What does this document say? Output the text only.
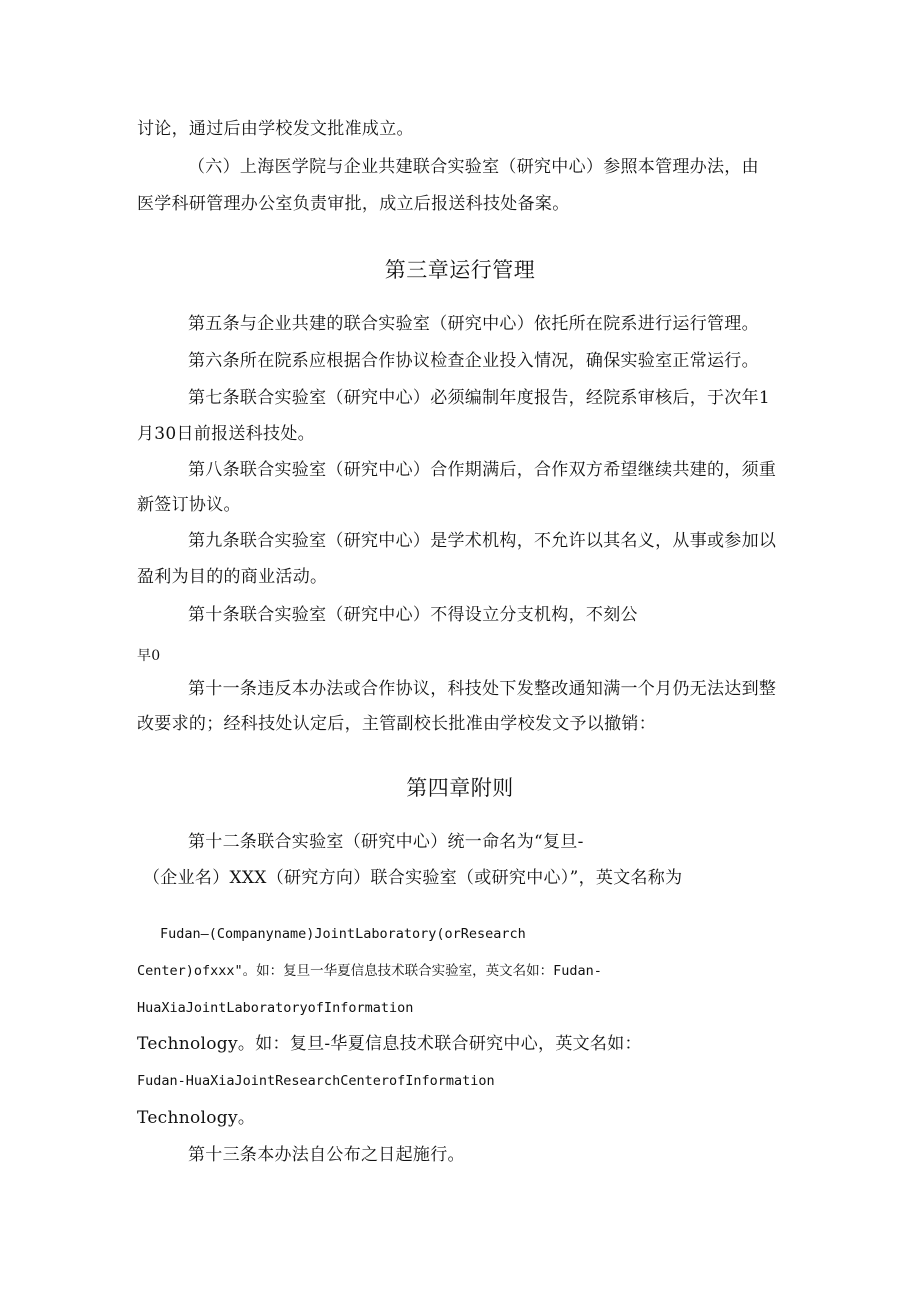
讨论，通过后由学校发文批准成立。
（六）上海医学院与企业共建联合实验室（研究中心）参照本管理办法，由
医学科研管理办公室负责审批，成立后报送科技处备案。
第三章运行管理
第五条与企业共建的联合实验室（研究中心）依托所在院系进行运行管理。
第六条所在院系应根据合作协议检查企业投入情况，确保实验室正常运行。
第七条联合实验室（研究中心）必须编制年度报告，经院系审核后，于次年1
月30日前报送科技处。
第八条联合实验室（研究中心）合作期满后，合作双方希望继续共建的，须重
新签订协议。
第九条联合实验室（研究中心）是学术机构，不允许以其名义，从事或参加以
盈利为目的的商业活动。
第十条联合实验室（研究中心）不得设立分支机构，不刻公
早0
第十一条违反本办法或合作协议，科技处下发整改通知满一个月仍无法达到整
改要求的；经科技处认定后，主管副校长批准由学校发文予以撤销：
第四章附则
第十二条联合实验室（研究中心）统一命名为“复旦-
（企业名）XXX（研究方向）联合实验室（或研究中心）”，英文名称为
Fudan—(Companyname)JointLaboratory(orResearch
Center)ofxxx"。如：复旦一华夏信息技术联合实验室，英文名如：Fudan-
HuaXiaJointLaboratoryofInformation
Technology。如：复旦-华夏信息技术联合研究中心，英文名如：
Fudan-HuaXiaJointResearchCenterofInformation
Technology。
第十三条本办法自公布之日起施行。
